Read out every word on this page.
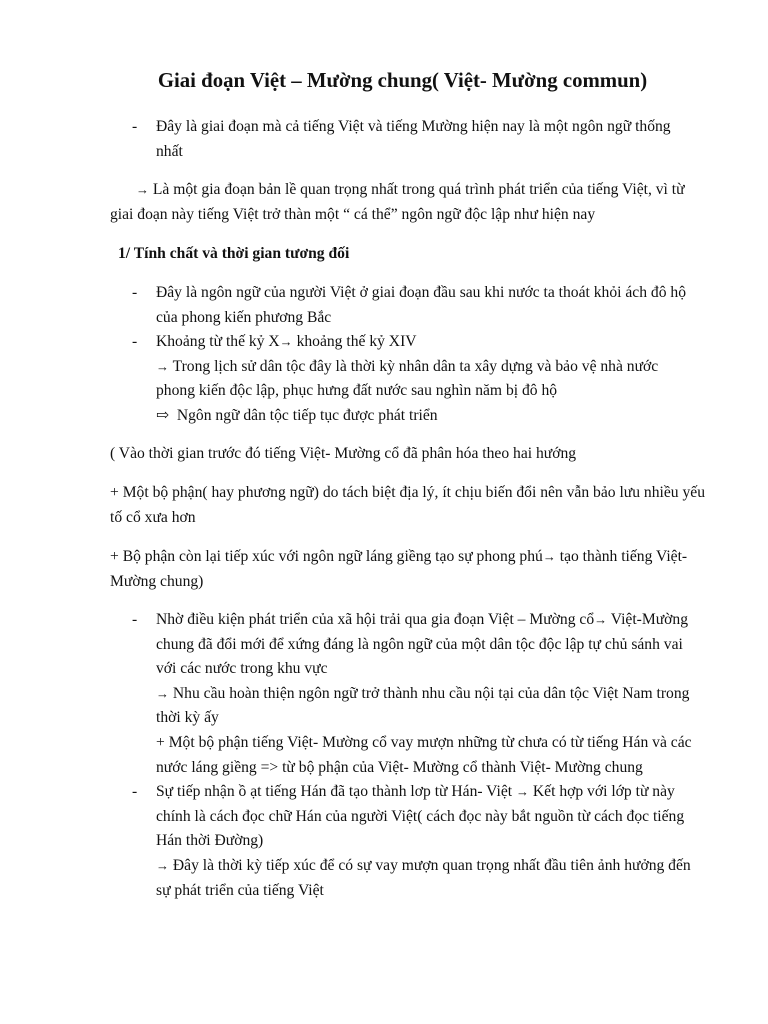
Giai đoạn Việt – Mường chung( Việt- Mường commun)
- Đây là giai đoạn mà cả tiếng Việt và tiếng Mường hiện nay là một ngôn ngữ thống nhất

→ Là một gia đoạn bản lề quan trọng nhất trong quá trình phát triển của tiếng Việt, vì từ giai đoạn này tiếng Việt trở thàn một “ cá thể” ngôn ngữ độc lập như hiện nay

1/ Tính chất và thời gian tương đối
- Đây là ngôn ngữ của người Việt ở giai đoạn đầu sau khi nước ta thoát khỏi ách đô hộ của phong kiến phương Bắc
- Khoảng từ thế kỷ X→ khoảng thế kỷ XIV
→ Trong lịch sử dân tộc đây là thời kỳ nhân dân ta xây dựng và bảo vệ nhà nước phong kiến độc lập, phục hưng đất nước sau nghìn năm bị đô hộ
⇨ Ngôn ngữ dân tộc tiếp tục được phát triển

( Vào thời gian trước đó tiếng Việt- Mường cổ đã phân hóa theo hai hướng

+ Một bộ phận( hay phương ngữ) do tách biệt địa lý, ít chịu biến đổi nên vẫn bảo lưu nhiều yếu tố cổ xưa hơn

+ Bộ phận còn lại tiếp xúc với ngôn ngữ láng giềng tạo sự phong phú→ tạo thành tiếng Việt- Mường chung)

- Nhờ điều kiện phát triển của xã hội trải qua gia đoạn Việt – Mường cổ→ Việt-Mường chung đã đổi mới để xứng đáng là ngôn ngữ của một dân tộc độc lập tự chủ sánh vai với các nước trong khu vực
→ Nhu cầu hoàn thiện ngôn ngữ trở thành nhu cầu nội tại của dân tộc Việt Nam trong thời kỳ ấy
+ Một bộ phận tiếng Việt- Mường cổ vay mượn những từ chưa có từ tiếng Hán và các nước láng giềng => từ bộ phận của Việt- Mường cổ thành Việt- Mường chung
- Sự tiếp nhận ồ ạt tiếng Hán đã tạo thành lơp từ Hán- Việt → Kết hợp với lớp từ này chính là cách đọc chữ Hán của người Việt( cách đọc này bắt nguồn từ cách đọc tiếng Hán thời Đường)
→ Đây là thời kỳ tiếp xúc để có sự vay mượn quan trọng nhất đầu tiên ảnh hưởng đến sự phát triển của tiếng Việt
